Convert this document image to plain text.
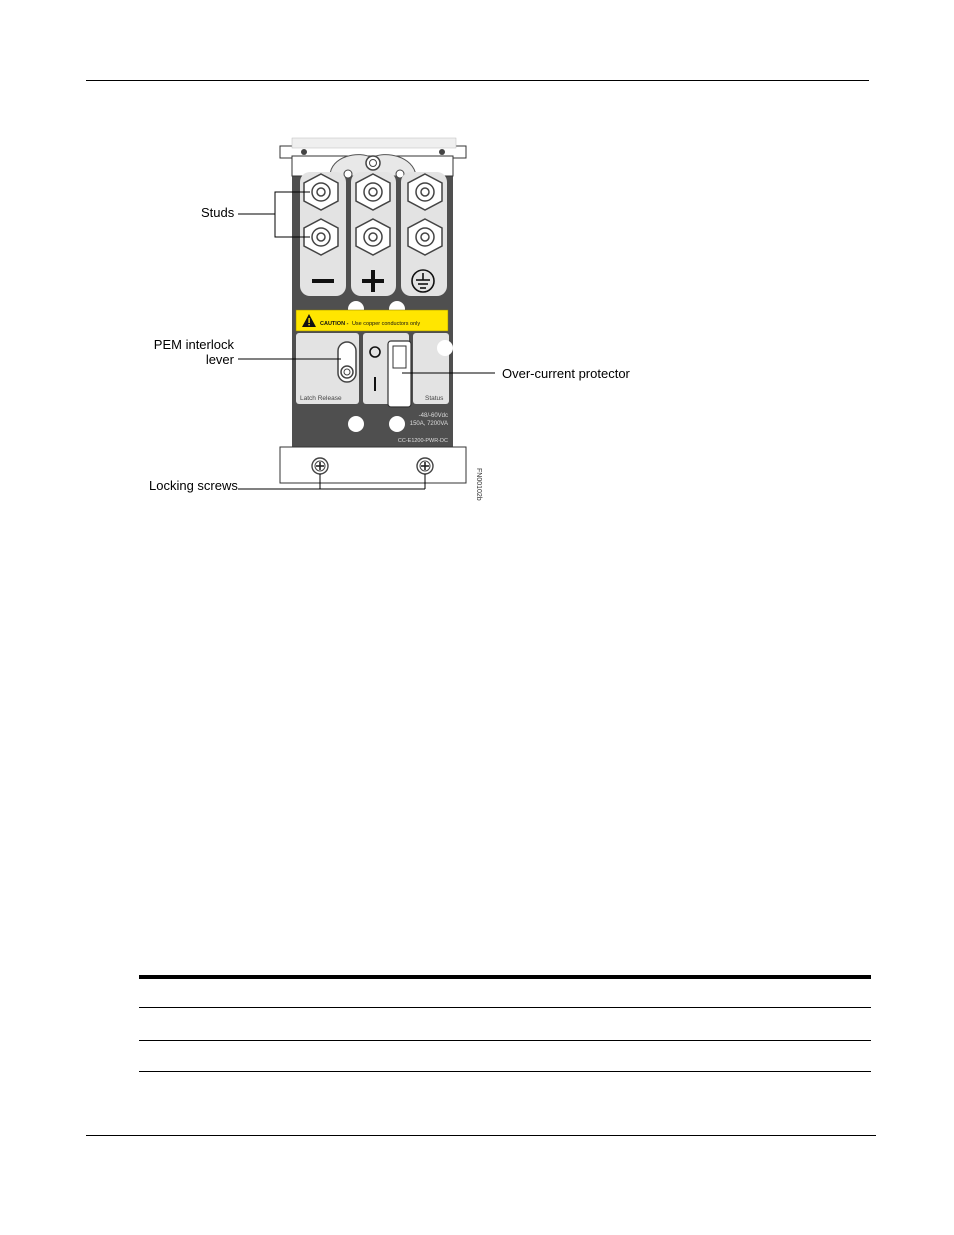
Studs
PEM interlock
lever
Locking screws
Over-current protector
CAUTION - Use copper conductors only
Latch Release	Status
-48/-60Vdc
150A, 7200VA
CC-E1200-PWR-DC
FN00102b
